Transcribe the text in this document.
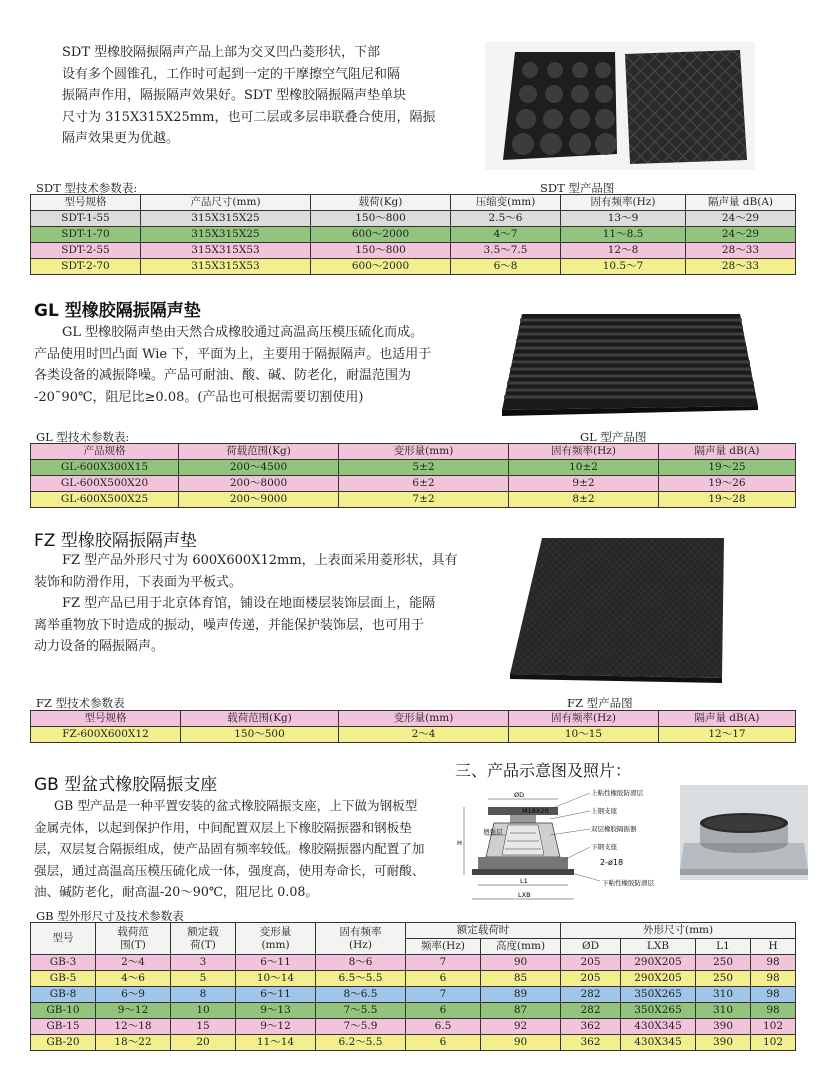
SDT 型橡胶隔振隔声产品上部为交叉凹凸菱形状，下部

设有多个圆锥孔，工作时可起到一定的干摩擦空气阻尼和隔

振隔声作用，隔振隔声效果好。SDT 型橡胶隔振隔声垫单块

尺寸为 315X315X25mm，也可二层或多层串联叠合使用，隔振

隔声效果更为优越。

SDT 型技术参数表:	SDT 型产品图
型号规格	产品尺寸(mm)	载荷(Kg)	压缩变(mm)	固有频率(Hz)	隔声量 dB(A)
SDT-1-55	315X315X25	150～800	2.5～6	13～9	24～29
SDT-1-70	315X315X25	600～2000	4～7	11～8.5	24～29
SDT-2-55	315X315X53	150～800	3.5～7.5	12～8	28～33
SDT-2-70	315X315X53	600～2000	6～8	10.5～7	28～33
GL 型橡胶隔振隔声垫

GL 型橡胶隔声垫由天然合成橡胶通过高温高压模压硫化而成。

产品使用时凹凸面 Wie 下，平面为上，主要用于隔振隔声。也适用于

各类设备的减振降噪。产品可耐油、酸、碱、防老化，耐温范围为

-20˜90℃，阻尼比≥0.08。(产品也可根据需要切割使用)

GL 型技术参数表:	GL 型产品图
产品规格	荷载范围(Kg)	变形量(mm)	固有频率(Hz)	隔声量 dB(A)
GL-600X300X15	200～4500	5±2	10±2	19～25
GL-600X500X20	200～8000	6±2	9±2	19～26
GL-600X500X25	200～9000	7±2	8±2	19～28
FZ 型橡胶隔振隔声垫

FZ 型产品外形尺寸为 600X600X12mm，上表面采用菱形状，具有

装饰和防滑作用，下表面为平板式。

FZ 型产品已用于北京体育馆，铺设在地面楼层装饰层面上，能隔

离举重物放下时造成的振动，噪声传递，并能保护装饰层，也可用于

动力设备的隔振隔声。

FZ 型技术参数表	FZ 型产品图
型号规格	载荷范围(Kg)	变形量(mm)	固有频率(Hz)	隔声量 dB(A)
FZ-600X600X12	150～500	2～4	10～15	12～17
三、产品示意图及照片：
GB 型盆式橡胶隔振支座

GB 型产品是一种平置安装的盆式橡胶隔振支座，上下做为钢板型

金属壳体，以起到保护作用，中间配置双层上下橡胶隔振器和钢板垫

层，双层复合隔振组成，使产品固有频率较低。橡胶隔振器内配置了加

强层，通过高温高压模压硫化成一体，强度高，使用寿命长，可耐酸、

油、碱防老化，耐高温-20～90℃，阻尼比 0.08。

ØD
M18X20
H
L1
LXB
上粘性橡胶防滑层
上钢支座
双层橡胶隔振器
增强层
下钢支座
2-ø18
下粘性橡胶防滑层
GB 型外形尺寸及技术参数表
型号	载荷范
围(T)	额定载
荷(T)	变形量
(mm)	固有频率
(Hz)	额定载荷时		外形尺寸(mm)			
					频率(Hz)	高度(mm)	ØD	LXB	L1	H
GB-3	2～4	3	6～11	8～6	7	90	205	290X205	250	98
GB-5	4～6	5	10～14	6.5～5.5	6	85	205	290X205	250	98
GB-8	6～9	8	6～11	8～6.5	7	89	282	350X265	310	98
GB-10	9～12	10	9～13	7～5.5	6	87	282	350X265	310	98
GB-15	12～18	15	9～12	7～5.9	6.5	92	362	430X345	390	102
GB-20	18～22	20	11～14	6.2～5.5	6	90	362	430X345	390	102
